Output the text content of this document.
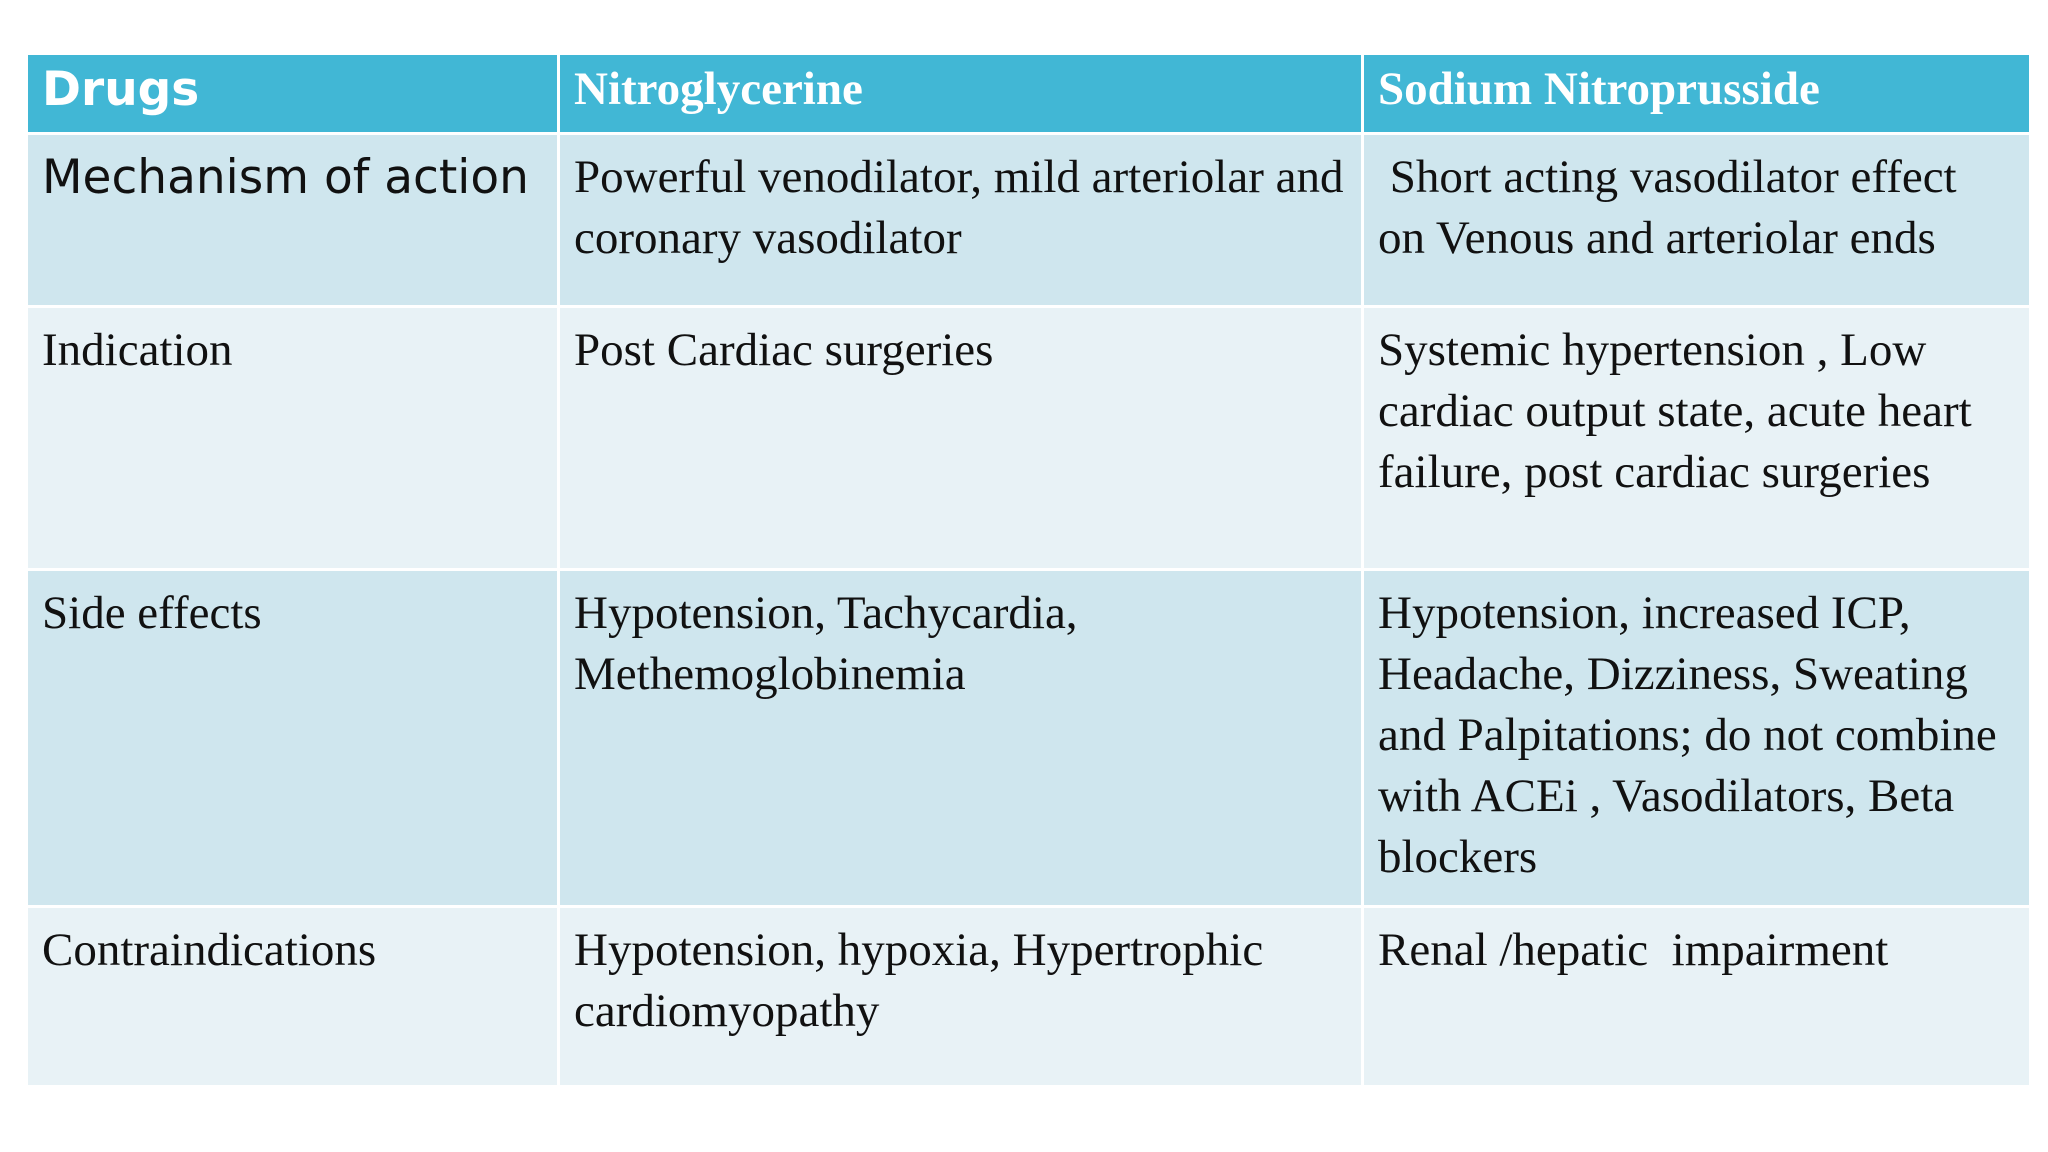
Drugs	Nitroglycerine	Sodium Nitroprusside
Mechanism of action	Powerful venodilator, mild arteriolar and coronary vasodilator	Short acting vasodilator effect on Venous and arteriolar ends
Indication	Post Cardiac surgeries	Systemic hypertension , Low cardiac output state, acute heart failure, post cardiac surgeries
Side effects	Hypotension, Tachycardia, Methemoglobinemia	Hypotension, increased ICP, Headache, Dizziness, Sweating and Palpitations; do not combine with ACEi , Vasodilators, Beta blockers
Contraindications	Hypotension, hypoxia, Hypertrophic cardiomyopathy	Renal /hepatic  impairment
